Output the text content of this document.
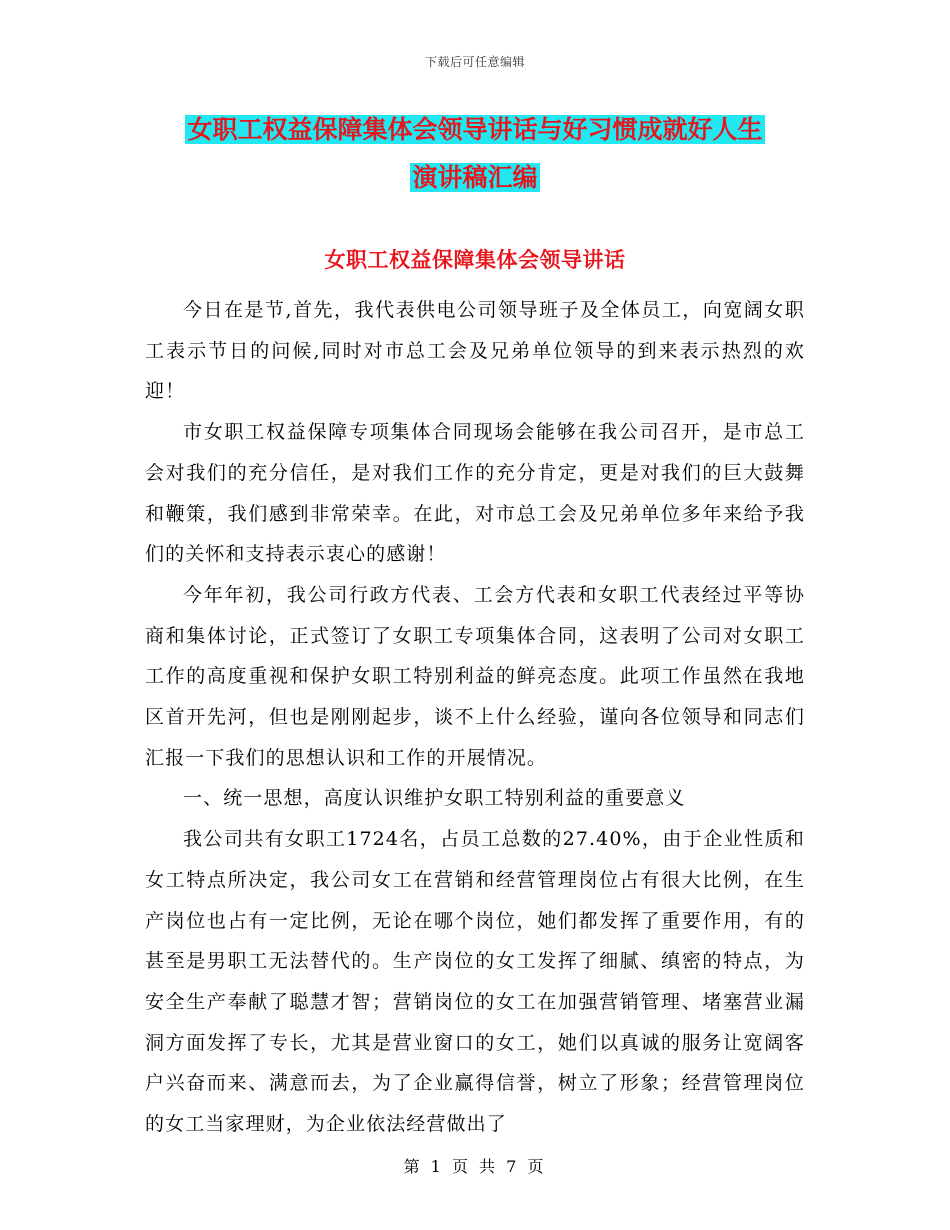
下载后可任意编辑
女职工权益保障集体会领导讲话与好习惯成就好人生
演讲稿汇编
女职工权益保障集体会领导讲话

今日在是节,首先，我代表供电公司领导班子及全体员工，向宽阔女职工表示节日的问候,同时对市总工会及兄弟单位领导的到来表示热烈的欢迎！

市女职工权益保障专项集体合同现场会能够在我公司召开，是市总工会对我们的充分信任，是对我们工作的充分肯定，更是对我们的巨大鼓舞和鞭策，我们感到非常荣幸。在此，对市总工会及兄弟单位多年来给予我们的关怀和支持表示衷心的感谢！

今年年初，我公司行政方代表、工会方代表和女职工代表经过平等协商和集体讨论，正式签订了女职工专项集体合同，这表明了公司对女职工工作的高度重视和保护女职工特别利益的鲜亮态度。此项工作虽然在我地区首开先河，但也是刚刚起步，谈不上什么经验，谨向各位领导和同志们汇报一下我们的思想认识和工作的开展情况。

一、统一思想，高度认识维护女职工特别利益的重要意义

我公司共有女职工1724名，占员工总数的27.40%，由于企业性质和女工特点所决定，我公司女工在营销和经营管理岗位占有很大比例，在生产岗位也占有一定比例，无论在哪个岗位，她们都发挥了重要作用，有的甚至是男职工无法替代的。生产岗位的女工发挥了细腻、缜密的特点，为安全生产奉献了聪慧才智；营销岗位的女工在加强营销管理、堵塞营业漏洞方面发挥了专长，尤其是营业窗口的女工，她们以真诚的服务让宽阔客户兴奋而来、满意而去，为了企业赢得信誉，树立了形象；经营管理岗位的女工当家理财，为企业依法经营做出了

第 1 页 共 7 页
